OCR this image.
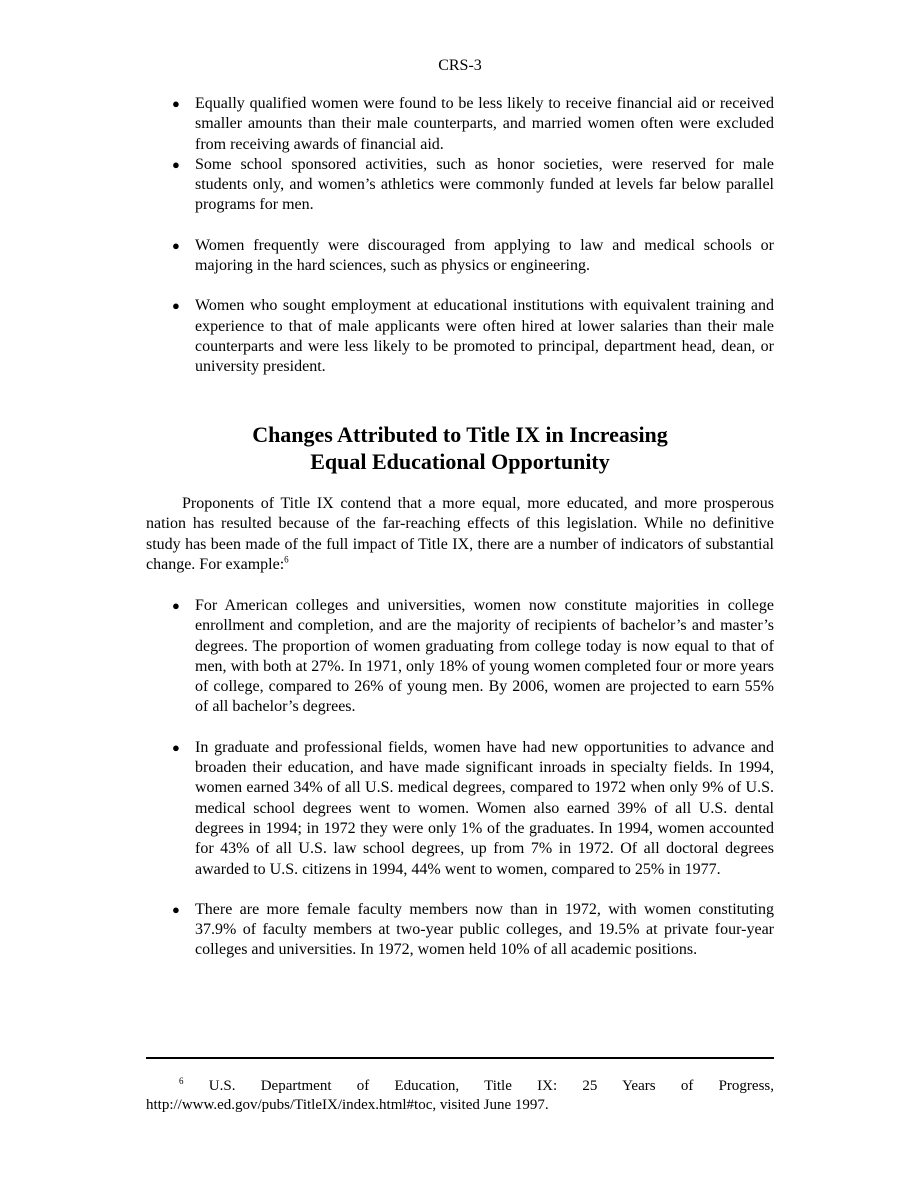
CRS-3
● Equally qualified women were found to be less likely to receive financial aid or received smaller amounts than their male counterparts, and married women often were excluded from receiving awards of financial aid.
● Some school sponsored activities, such as honor societies, were reserved for male students only, and women’s athletics were commonly funded at levels far below parallel programs for men.
● Women frequently were discouraged from applying to law and medical schools or majoring in the hard sciences, such as physics or engineering.
● Women who sought employment at educational institutions with equivalent training and experience to that of male applicants were often hired at lower salaries than their male counterparts and were less likely to be promoted to principal, department head, dean, or university president.
Changes Attributed to Title IX in Increasing
Equal Educational Opportunity
Proponents of Title IX contend that a more equal, more educated, and more prosperous nation has resulted because of the far-reaching effects of this legislation. While no definitive study has been made of the full impact of Title IX, there are a number of indicators of substantial change. For example:$^6$
● For American colleges and universities, women now constitute majorities in college enrollment and completion, and are the majority of recipients of bachelor’s and master’s degrees. The proportion of women graduating from college today is now equal to that of men, with both at 27%. In 1971, only 18% of young women completed four or more years of college, compared to 26% of young men. By 2006, women are projected to earn 55% of all bachelor’s degrees.
● In graduate and professional fields, women have had new opportunities to advance and broaden their education, and have made significant inroads in specialty fields. In 1994, women earned 34% of all U.S. medical degrees, compared to 1972 when only 9% of U.S. medical school degrees went to women. Women also earned 39% of all U.S. dental degrees in 1994; in 1972 they were only 1% of the graduates. In 1994, women accounted for 43% of all U.S. law school degrees, up from 7% in 1972. Of all doctoral degrees awarded to U.S. citizens in 1994, 44% went to women, compared to 25% in 1977.
● There are more female faculty members now than in 1972, with women constituting 37.9% of faculty members at two-year public colleges, and 19.5% at private four-year colleges and universities. In 1972, women held 10% of all academic positions.
$^6$ U.S. Department of Education, Title IX: 25 Years of Progress,
http://www.ed.gov/pubs/TitleIX/index.html#toc, visited June 1997.
